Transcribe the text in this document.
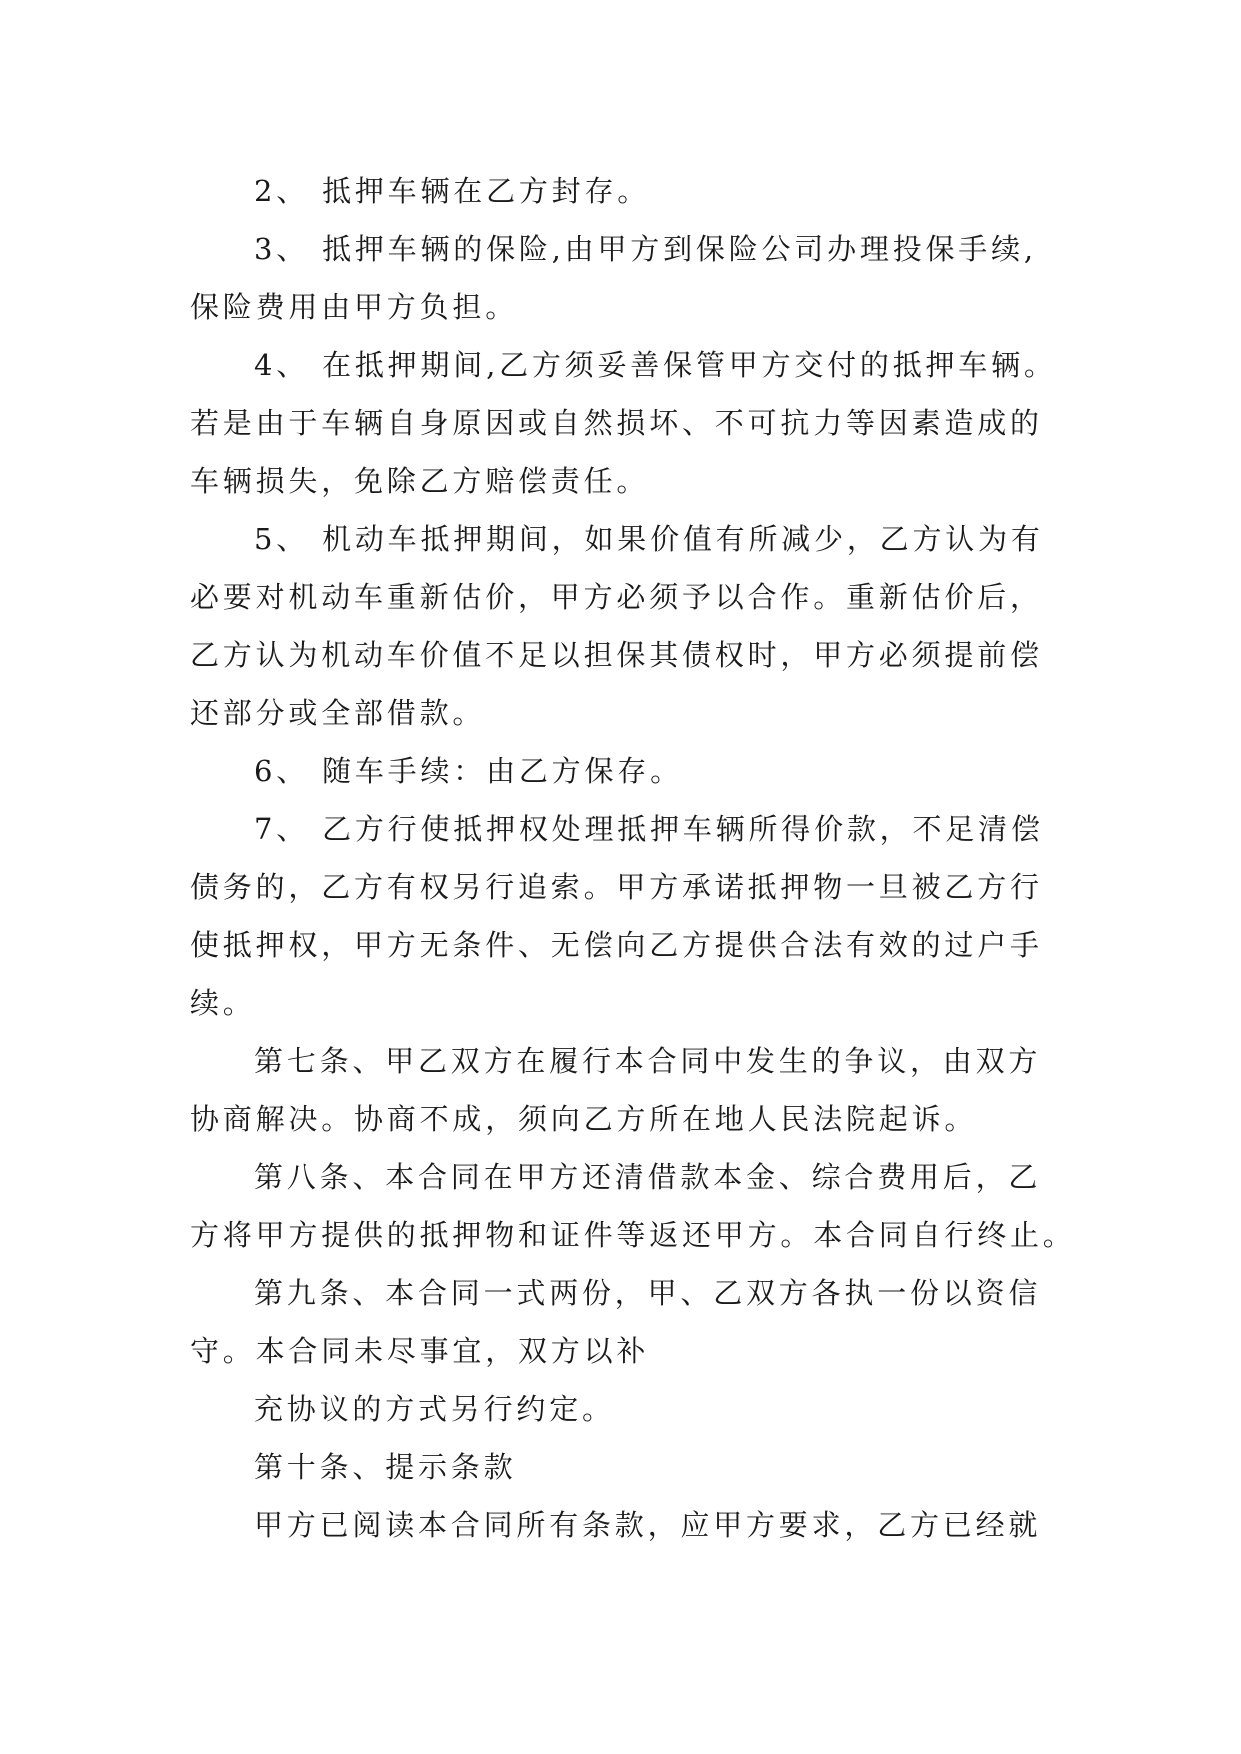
2、 抵押车辆在乙方封存。
3、 抵押车辆的保险,由甲方到保险公司办理投保手续,
保险费用由甲方负担。
4、 在抵押期间,乙方须妥善保管甲方交付的抵押车辆。
若是由于车辆自身原因或自然损坏、不可抗力等因素造成的
车辆损失，免除乙方赔偿责任。
5、 机动车抵押期间，如果价值有所减少，乙方认为有
必要对机动车重新估价，甲方必须予以合作。重新估价后，
乙方认为机动车价值不足以担保其债权时，甲方必须提前偿
还部分或全部借款。
6、 随车手续：由乙方保存。
7、 乙方行使抵押权处理抵押车辆所得价款，不足清偿
债务的，乙方有权另行追索。甲方承诺抵押物一旦被乙方行
使抵押权，甲方无条件、无偿向乙方提供合法有效的过户手
续。
第七条、甲乙双方在履行本合同中发生的争议，由双方
协商解决。协商不成，须向乙方所在地人民法院起诉。
第八条、本合同在甲方还清借款本金、综合费用后，乙
方将甲方提供的抵押物和证件等返还甲方。本合同自行终止。
第九条、本合同一式两份，甲、乙双方各执一份以资信
守。本合同未尽事宜，双方以补
充协议的方式另行约定。
第十条、提示条款
甲方已阅读本合同所有条款，应甲方要求，乙方已经就
